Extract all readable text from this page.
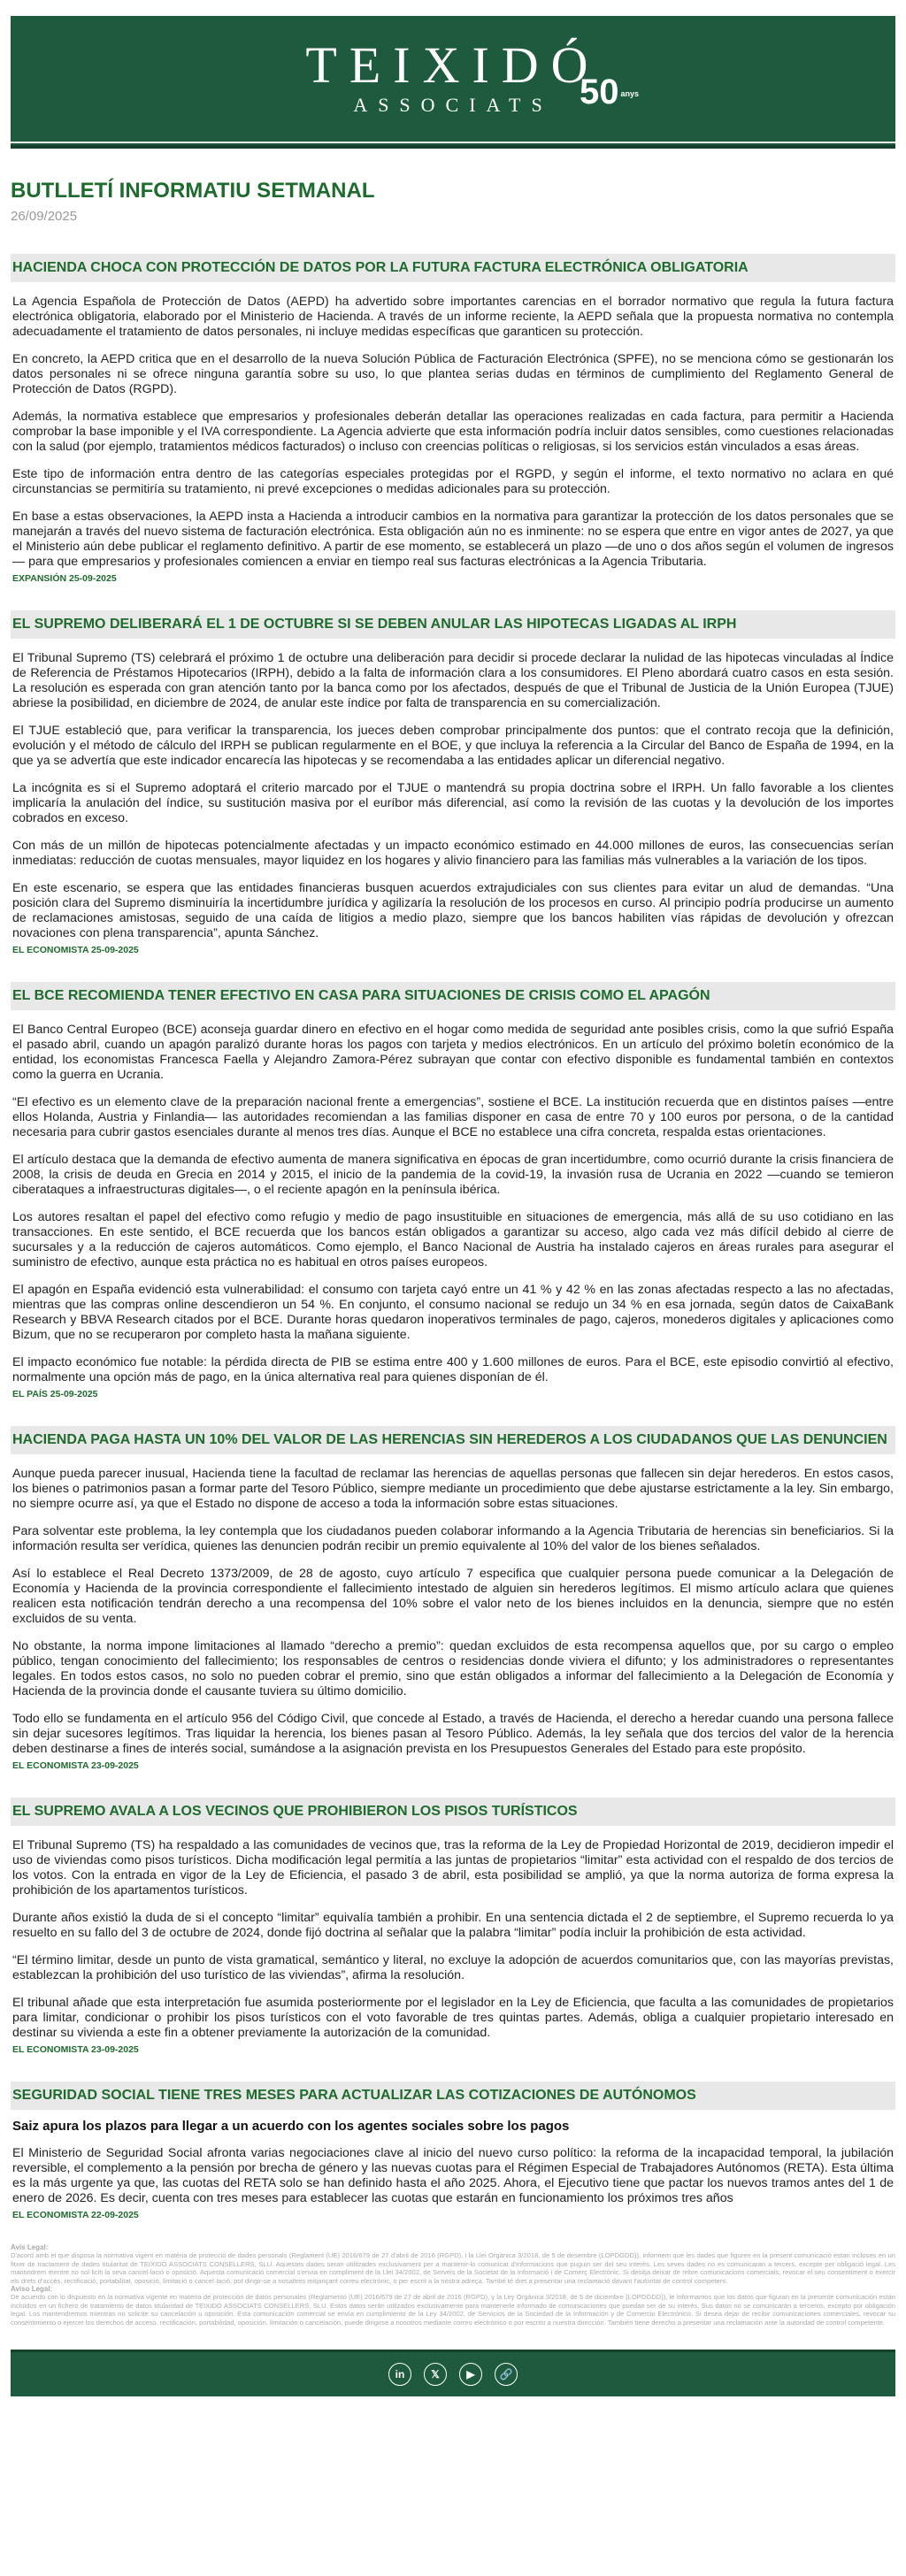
TEIXIDÓ
ASSOCIATS 50 anys
BUTLLETÍ INFORMATIU SETMANAL
26/09/2025
HACIENDA CHOCA CON PROTECCIÓN DE DATOS POR LA FUTURA FACTURA ELECTRÓNICA OBLIGATORIA

La Agencia Española de Protección de Datos (AEPD) ha advertido sobre importantes carencias en el borrador normativo que regula la futura factura electrónica obligatoria, elaborado por el Ministerio de Hacienda. A través de un informe reciente, la AEPD señala que la propuesta normativa no contempla adecuadamente el tratamiento de datos personales, ni incluye medidas específicas que garanticen su protección.

En concreto, la AEPD critica que en el desarrollo de la nueva Solución Pública de Facturación Electrónica (SPFE), no se menciona cómo se gestionarán los datos personales ni se ofrece ninguna garantía sobre su uso, lo que plantea serias dudas en términos de cumplimiento del Reglamento General de Protección de Datos (RGPD).

Además, la normativa establece que empresarios y profesionales deberán detallar las operaciones realizadas en cada factura, para permitir a Hacienda comprobar la base imponible y el IVA correspondiente. La Agencia advierte que esta información podría incluir datos sensibles, como cuestiones relacionadas con la salud (por ejemplo, tratamientos médicos facturados) o incluso con creencias políticas o religiosas, si los servicios están vinculados a esas áreas.

Este tipo de información entra dentro de las categorías especiales protegidas por el RGPD, y según el informe, el texto normativo no aclara en qué circunstancias se permitiría su tratamiento, ni prevé excepciones o medidas adicionales para su protección.

En base a estas observaciones, la AEPD insta a Hacienda a introducir cambios en la normativa para garantizar la protección de los datos personales que se manejarán a través del nuevo sistema de facturación electrónica. Esta obligación aún no es inminente: no se espera que entre en vigor antes de 2027, ya que el Ministerio aún debe publicar el reglamento definitivo. A partir de ese momento, se establecerá un plazo —de uno o dos años según el volumen de ingresos— para que empresarios y profesionales comiencen a enviar en tiempo real sus facturas electrónicas a la Agencia Tributaria.

EXPANSIÓN 25-09-2025
EL SUPREMO DELIBERARÁ EL 1 DE OCTUBRE SI SE DEBEN ANULAR LAS HIPOTECAS LIGADAS AL IRPH

El Tribunal Supremo (TS) celebrará el próximo 1 de octubre una deliberación para decidir si procede declarar la nulidad de las hipotecas vinculadas al Índice de Referencia de Préstamos Hipotecarios (IRPH), debido a la falta de información clara a los consumidores. El Pleno abordará cuatro casos en esta sesión. La resolución es esperada con gran atención tanto por la banca como por los afectados, después de que el Tribunal de Justicia de la Unión Europea (TJUE) abriese la posibilidad, en diciembre de 2024, de anular este índice por falta de transparencia en su comercialización.

El TJUE estableció que, para verificar la transparencia, los jueces deben comprobar principalmente dos puntos: que el contrato recoja que la definición, evolución y el método de cálculo del IRPH se publican regularmente en el BOE, y que incluya la referencia a la Circular del Banco de España de 1994, en la que ya se advertía que este indicador encarecía las hipotecas y se recomendaba a las entidades aplicar un diferencial negativo.

La incógnita es si el Supremo adoptará el criterio marcado por el TJUE o mantendrá su propia doctrina sobre el IRPH. Un fallo favorable a los clientes implicaría la anulación del índice, su sustitución masiva por el euríbor más diferencial, así como la revisión de las cuotas y la devolución de los importes cobrados en exceso.

Con más de un millón de hipotecas potencialmente afectadas y un impacto económico estimado en 44.000 millones de euros, las consecuencias serían inmediatas: reducción de cuotas mensuales, mayor liquidez en los hogares y alivio financiero para las familias más vulnerables a la variación de los tipos.

En este escenario, se espera que las entidades financieras busquen acuerdos extrajudiciales con sus clientes para evitar un alud de demandas. “Una posición clara del Supremo disminuiría la incertidumbre jurídica y agilizaría la resolución de los procesos en curso. Al principio podría producirse un aumento de reclamaciones amistosas, seguido de una caída de litigios a medio plazo, siempre que los bancos habiliten vías rápidas de devolución y ofrezcan novaciones con plena transparencia”, apunta Sánchez.

EL ECONOMISTA 25-09-2025
EL BCE RECOMIENDA TENER EFECTIVO EN CASA PARA SITUACIONES DE CRISIS COMO EL APAGÓN

El Banco Central Europeo (BCE) aconseja guardar dinero en efectivo en el hogar como medida de seguridad ante posibles crisis, como la que sufrió España el pasado abril, cuando un apagón paralizó durante horas los pagos con tarjeta y medios electrónicos. En un artículo del próximo boletín económico de la entidad, los economistas Francesca Faella y Alejandro Zamora-Pérez subrayan que contar con efectivo disponible es fundamental también en contextos como la guerra en Ucrania.

“El efectivo es un elemento clave de la preparación nacional frente a emergencias”, sostiene el BCE. La institución recuerda que en distintos países —entre ellos Holanda, Austria y Finlandia— las autoridades recomiendan a las familias disponer en casa de entre 70 y 100 euros por persona, o de la cantidad necesaria para cubrir gastos esenciales durante al menos tres días. Aunque el BCE no establece una cifra concreta, respalda estas orientaciones.

El artículo destaca que la demanda de efectivo aumenta de manera significativa en épocas de gran incertidumbre, como ocurrió durante la crisis financiera de 2008, la crisis de deuda en Grecia en 2014 y 2015, el inicio de la pandemia de la covid-19, la invasión rusa de Ucrania en 2022 —cuando se temieron ciberataques a infraestructuras digitales—, o el reciente apagón en la península ibérica.

Los autores resaltan el papel del efectivo como refugio y medio de pago insustituible en situaciones de emergencia, más allá de su uso cotidiano en las transacciones. En este sentido, el BCE recuerda que los bancos están obligados a garantizar su acceso, algo cada vez más difícil debido al cierre de sucursales y a la reducción de cajeros automáticos. Como ejemplo, el Banco Nacional de Austria ha instalado cajeros en áreas rurales para asegurar el suministro de efectivo, aunque esta práctica no es habitual en otros países europeos.

El apagón en España evidenció esta vulnerabilidad: el consumo con tarjeta cayó entre un 41 % y 42 % en las zonas afectadas respecto a las no afectadas, mientras que las compras online descendieron un 54 %. En conjunto, el consumo nacional se redujo un 34 % en esa jornada, según datos de CaixaBank Research y BBVA Research citados por el BCE. Durante horas quedaron inoperativos terminales de pago, cajeros, monederos digitales y aplicaciones como Bizum, que no se recuperaron por completo hasta la mañana siguiente.

El impacto económico fue notable: la pérdida directa de PIB se estima entre 400 y 1.600 millones de euros. Para el BCE, este episodio convirtió al efectivo, normalmente una opción más de pago, en la única alternativa real para quienes disponían de él.

EL PAÍS 25-09-2025
HACIENDA PAGA HASTA UN 10% DEL VALOR DE LAS HERENCIAS SIN HEREDEROS A LOS CIUDADANOS QUE LAS DENUNCIEN

Aunque pueda parecer inusual, Hacienda tiene la facultad de reclamar las herencias de aquellas personas que fallecen sin dejar herederos. En estos casos, los bienes o patrimonios pasan a formar parte del Tesoro Público, siempre mediante un procedimiento que debe ajustarse estrictamente a la ley. Sin embargo, no siempre ocurre así, ya que el Estado no dispone de acceso a toda la información sobre estas situaciones.

Para solventar este problema, la ley contempla que los ciudadanos pueden colaborar informando a la Agencia Tributaria de herencias sin beneficiarios. Si la información resulta ser verídica, quienes las denuncien podrán recibir un premio equivalente al 10% del valor de los bienes señalados.

Así lo establece el Real Decreto 1373/2009, de 28 de agosto, cuyo artículo 7 especifica que cualquier persona puede comunicar a la Delegación de Economía y Hacienda de la provincia correspondiente el fallecimiento intestado de alguien sin herederos legítimos. El mismo artículo aclara que quienes realicen esta notificación tendrán derecho a una recompensa del 10% sobre el valor neto de los bienes incluidos en la denuncia, siempre que no estén excluidos de su venta.

No obstante, la norma impone limitaciones al llamado “derecho a premio”: quedan excluidos de esta recompensa aquellos que, por su cargo o empleo público, tengan conocimiento del fallecimiento; los responsables de centros o residencias donde viviera el difunto; y los administradores o representantes legales. En todos estos casos, no solo no pueden cobrar el premio, sino que están obligados a informar del fallecimiento a la Delegación de Economía y Hacienda de la provincia donde el causante tuviera su último domicilio.

Todo ello se fundamenta en el artículo 956 del Código Civil, que concede al Estado, a través de Hacienda, el derecho a heredar cuando una persona fallece sin dejar sucesores legítimos. Tras liquidar la herencia, los bienes pasan al Tesoro Público. Además, la ley señala que dos tercios del valor de la herencia deben destinarse a fines de interés social, sumándose a la asignación prevista en los Presupuestos Generales del Estado para este propósito.

EL ECONOMISTA 23-09-2025
EL SUPREMO AVALA A LOS VECINOS QUE PROHIBIERON LOS PISOS TURÍSTICOS

El Tribunal Supremo (TS) ha respaldado a las comunidades de vecinos que, tras la reforma de la Ley de Propiedad Horizontal de 2019, decidieron impedir el uso de viviendas como pisos turísticos. Dicha modificación legal permitía a las juntas de propietarios “limitar” esta actividad con el respaldo de dos tercios de los votos. Con la entrada en vigor de la Ley de Eficiencia, el pasado 3 de abril, esta posibilidad se amplió, ya que la norma autoriza de forma expresa la prohibición de los apartamentos turísticos.

Durante años existió la duda de si el concepto “limitar” equivalía también a prohibir. En una sentencia dictada el 2 de septiembre, el Supremo recuerda lo ya resuelto en su fallo del 3 de octubre de 2024, donde fijó doctrina al señalar que la palabra “limitar” podía incluir la prohibición de esta actividad.

“El término limitar, desde un punto de vista gramatical, semántico y literal, no excluye la adopción de acuerdos comunitarios que, con las mayorías previstas, establezcan la prohibición del uso turístico de las viviendas”, afirma la resolución.

El tribunal añade que esta interpretación fue asumida posteriormente por el legislador en la Ley de Eficiencia, que faculta a las comunidades de propietarios para limitar, condicionar o prohibir los pisos turísticos con el voto favorable de tres quintas partes. Además, obliga a cualquier propietario interesado en destinar su vivienda a este fin a obtener previamente la autorización de la comunidad.

EL ECONOMISTA 23-09-2025
SEGURIDAD SOCIAL TIENE TRES MESES PARA ACTUALIZAR LAS COTIZACIONES DE AUTÓNOMOS
Saiz apura los plazos para llegar a un acuerdo con los agentes sociales sobre los pagos

El Ministerio de Seguridad Social afronta varias negociaciones clave al inicio del nuevo curso político: la reforma de la incapacidad temporal, la jubilación reversible, el complemento a la pensión por brecha de género y las nuevas cuotas para el Régimen Especial de Trabajadores Autónomos (RETA). Esta última es la más urgente ya que, las cuotas del RETA solo se han definido hasta el año 2025. Ahora, el Ejecutivo tiene que pactar los nuevos tramos antes del 1 de enero de 2026. Es decir, cuenta con tres meses para establecer las cuotas que estarán en funcionamiento los próximos tres años

EL ECONOMISTA 22-09-2025
Avís Legal:
D'acord amb el que disposa la normativa vigent en matèria de protecció de dades personals (Reglament (UE) 2016/679 de 27 d'abril de 2016 (RGPD), i la Llei Orgànica 3/2018, de 5 de desembre (LOPDGDD)), informem que les dades que figuren en la present comunicació estan incloses en un fitxer de tractament de dades titularitat de TEIXIDÓ ASSOCIATS CONSELLERS, SLU. Aquestes dades seran utilitzades exclusivament per a mantenir-lo comunicat d'informacions que puguin ser del seu interès. Les seves dades no es comunicaran a tercers, excepte per obligació legal. Les mantindrem mentre no sol·liciti la seva cancel·lació o oposició. Aquesta comunicació comercial s'envia en compliment de la Llei 34/2002, de Serveis de la Societat de la Informació i de Comerç Electrònic. Si desitja deixar de rebre comunicacions comercials, revocar el seu consentiment o exercir els drets d'accés, rectificació, portabilitat, oposició, limitació o cancel·lació, pot dirigir-se a nosaltres mitjançant correu electrònic, o per escrit a la nostra adreça. També té dret a presentar una reclamació davant l'autoritat de control competent.
Aviso Legal:
De acuerdo con lo dispuesto en la normativa vigente en materia de protección de datos personales (Reglamento (UE) 2016/679 de 27 de abril de 2016 (RGPD), y la Ley Orgánica 3/2018, de 5 de diciembre (LOPDGDD)), le informamos que los datos que figuran en la presente comunicación están incluidos en un fichero de tratamiento de datos titularidad de TEIXIDÓ ASSOCIATS CONSELLERS, SLU. Estos datos serán utilizados exclusivamente para mantenerle informado de comunicaciones que puedan ser de su interés. Sus datos no se comunicarán a terceros, excepto por obligación legal. Los mantendremos mientras no solicite su cancelación u oposición. Esta comunicación comercial se envía en cumplimiento de la Ley 34/2002, de Servicios de la Sociedad de la Información y de Comercio Electrónico. Si desea dejar de recibir comunicaciones comerciales, revocar su consentimiento o ejercer los derechos de acceso, rectificación, portabilidad, oposición, limitación o cancelación, puede dirigirse a nosotros mediante correo electrónico o por escrito a nuestra dirección. También tiene derecho a presentar una reclamación ante la autoridad de control competente.
in	𝕏	▶	🔗
